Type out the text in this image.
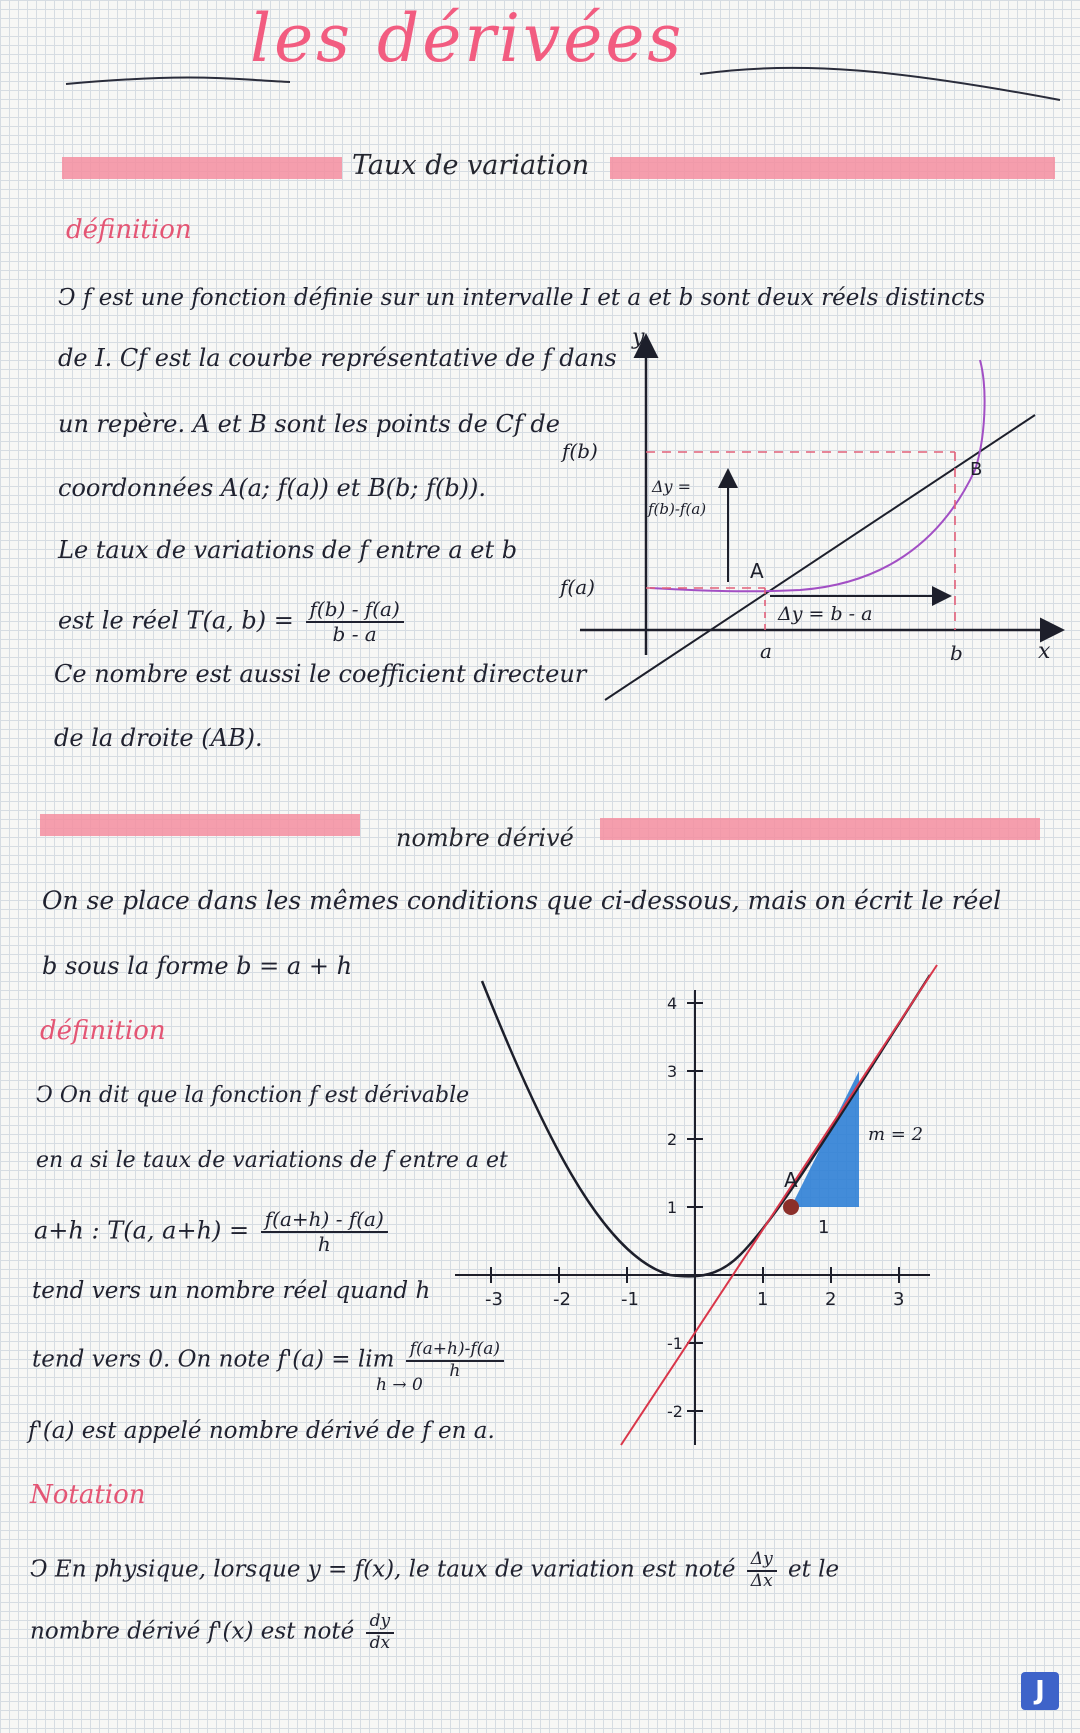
les dérivées
Taux de variation
définition
Ↄ f est une fonction définie sur un intervalle I et a et b sont deux réels distincts
de I. Cf est la courbe représentative de f dans
un repère. A et B sont les points de Cf de
coordonnées A(a; f(a)) et B(b; f(b)).
Le taux de variations de f entre a et b
est le réel T(a, $b) = \frac{f(b) - f(a)}{b - a}$
Ce nombre est aussi le coefficient directeur
de la droite (AB).
y
x
f(b)
f(a)
Δy =
f(b)-f(a)
Δy = b - a
A
B
a	b
nombre dérivé
On se place dans les mêmes conditions que ci-dessous, mais on écrit le réel
b sous la forme b = a + h
définition
Ↄ On dit que la fonction f est dérivable
en a si le taux de variations de f entre a et
a+h : T(a, $a+h) = \frac{f(a+h) - f(a)}{h}$
tend vers un nombre réel quand h
tend vers 0. On note $f'(a) = \lim \frac{f(a+h)-f(a)}{h}$
h → 0
f'(a) est appelé nombre dérivé de f en a.
-3	-2	-1	1	2	3
4
3
2
1
-1
-2
A
m = 2
1
Notation
Ↄ En physique, lorsque y = f(x), le taux de variation est noté $\frac{\Delta y}{\Delta x}$ et le
nombre dérivé f'(x) est noté $\frac{dy}{dx}$
J
